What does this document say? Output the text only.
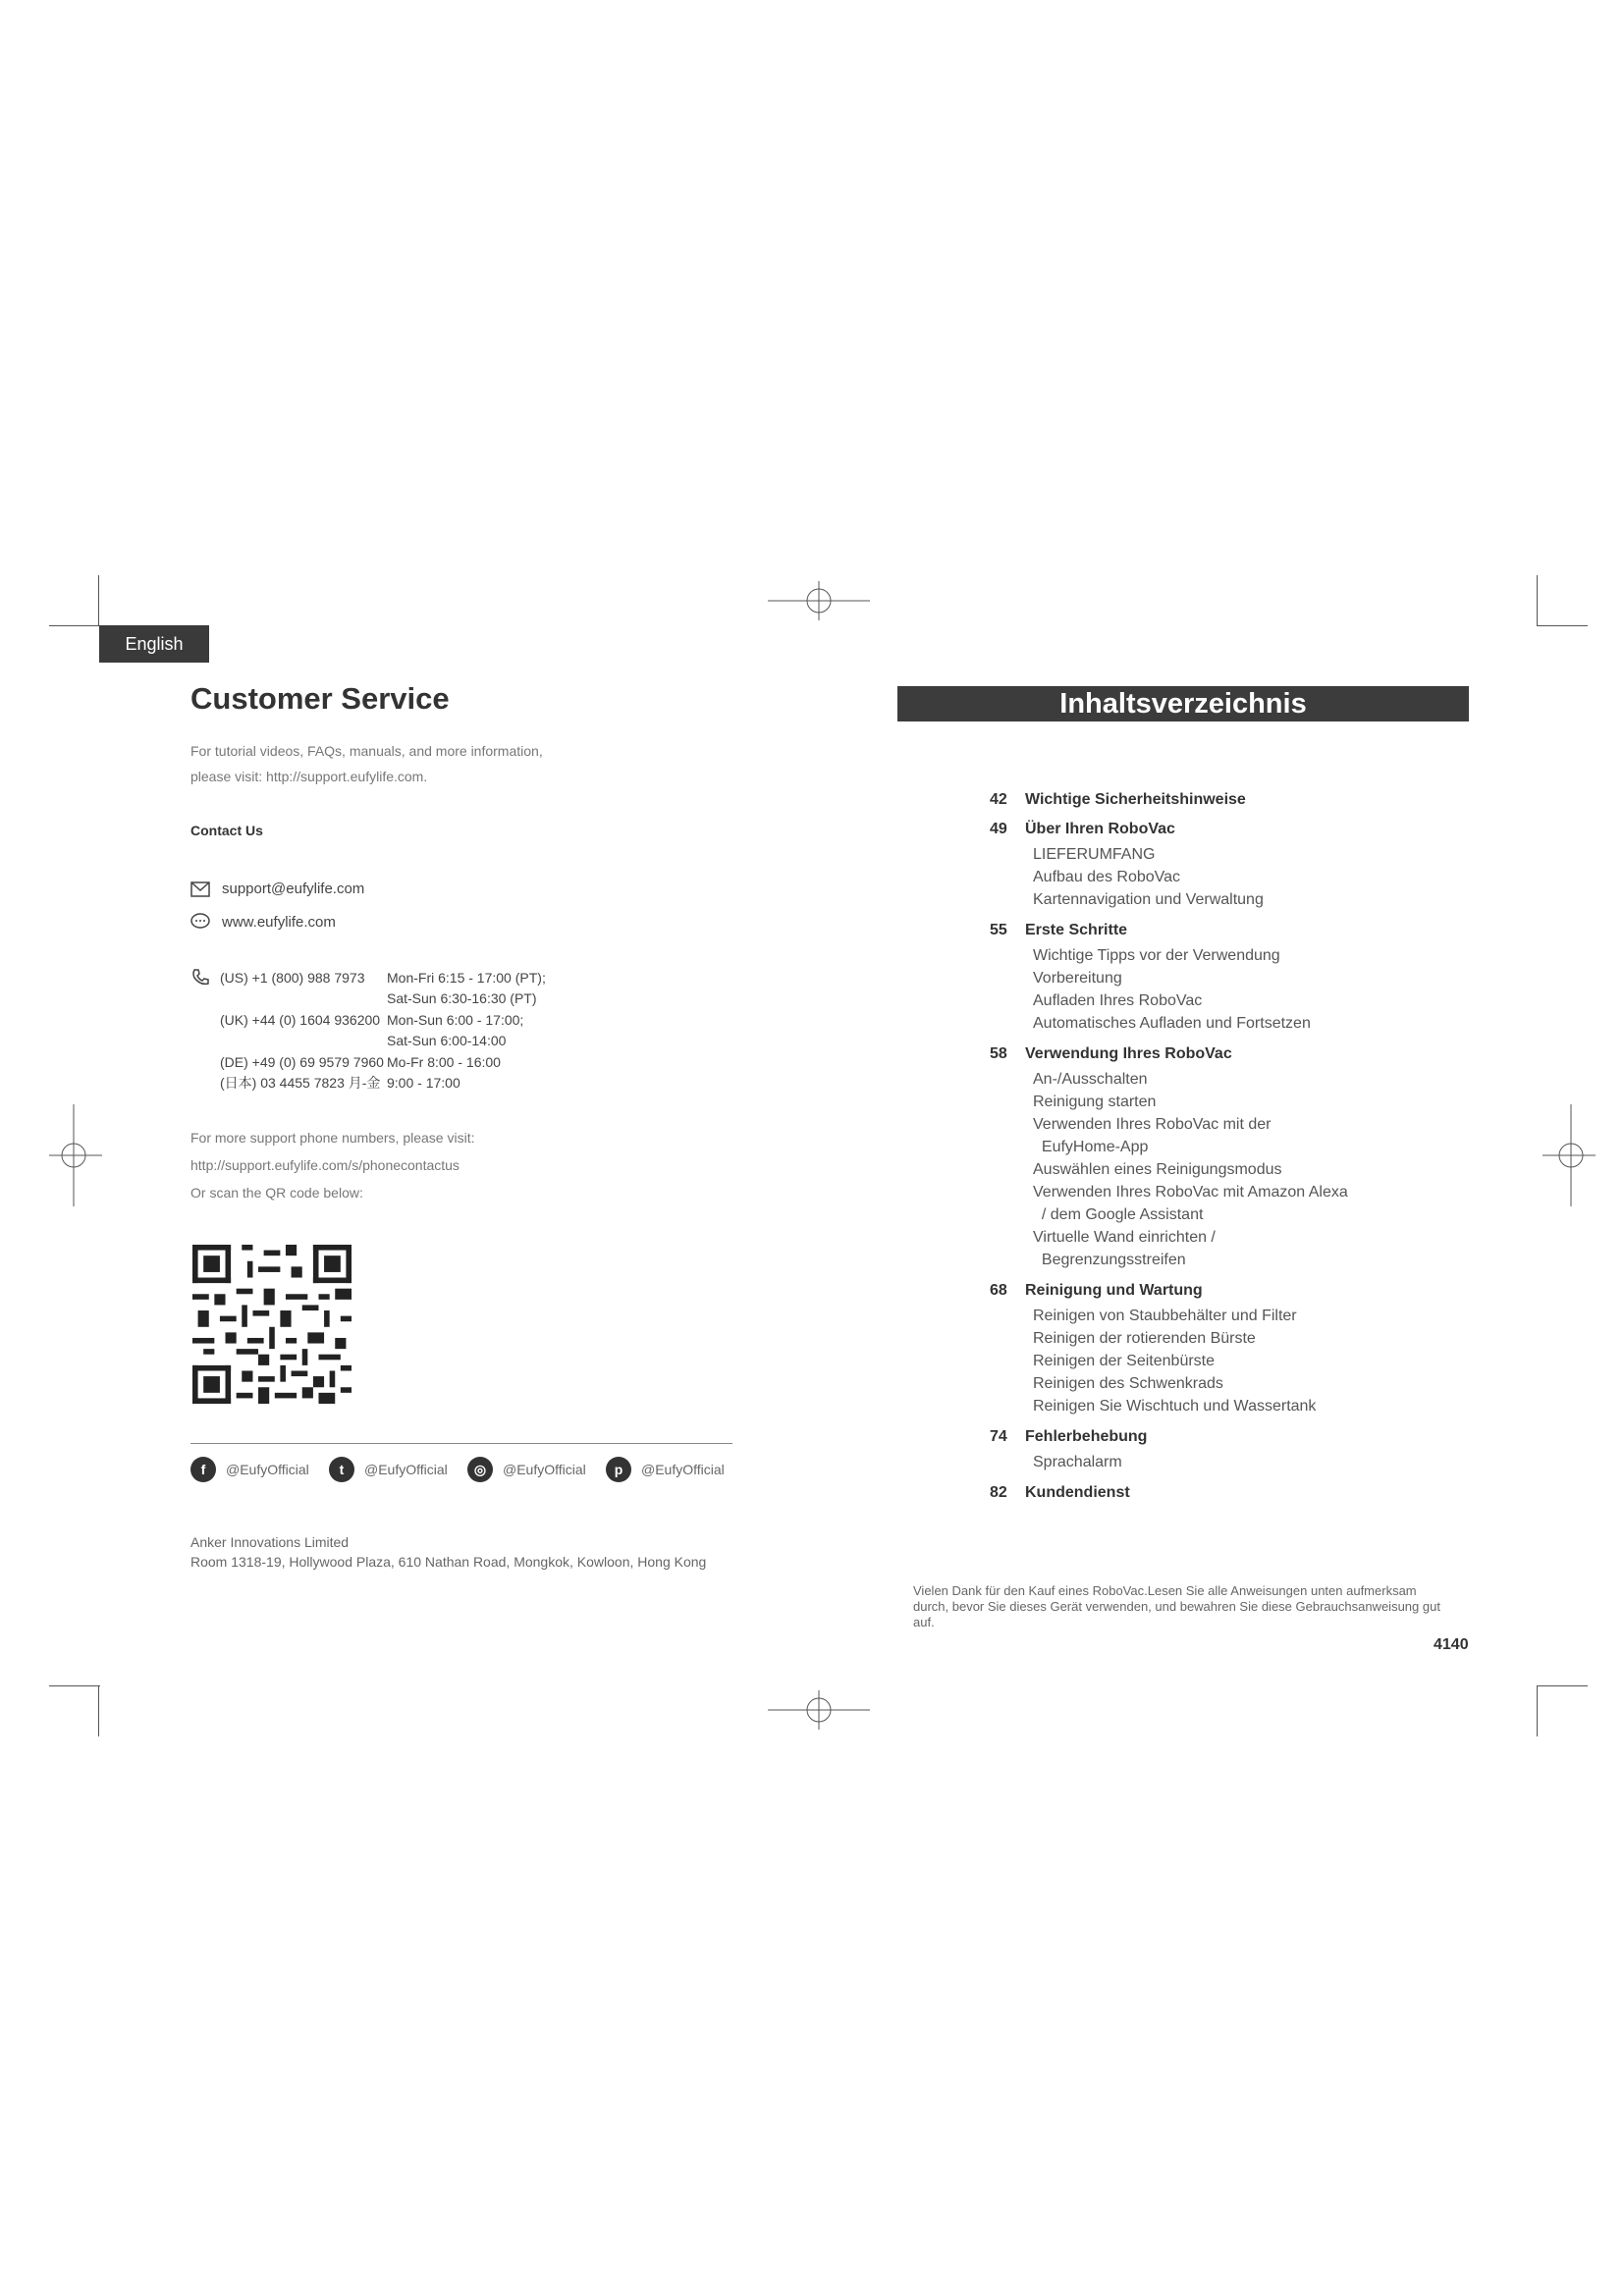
English
Customer Service
For tutorial videos, FAQs, manuals, and more information,
please visit: http://support.eufylife.com.
Contact Us
support@eufylife.com
www.eufylife.com
(US) +1 (800) 988 7973 Mon-Fri 6:15 - 17:00 (PT);
Sat-Sun 6:30-16:30 (PT)
(UK) +44 (0) 1604 936200 Mon-Sun 6:00 - 17:00;
Sat-Sun 6:00-14:00
(DE) +49 (0) 69 9579 7960 Mo-Fr 8:00 - 16:00
(日本) 03 4455 7823 月-金 9:00 - 17:00
For more support phone numbers, please visit:
http://support.eufylife.com/s/phonecontactus
Or scan the QR code below:
f	@EufyOfficial	t	@EufyOfficial	◎	@EufyOfficial	p	@EufyOfficial
Anker Innovations Limited
Room 1318-19, Hollywood Plaza, 610 Nathan Road, Mongkok, Kowloon, Hong Kong
Inhaltsverzeichnis
42 Wichtige Sicherheitshinweise
49 Über Ihren RoboVac
LIEFERUMFANG
Aufbau des RoboVac
Kartennavigation und Verwaltung
55 Erste Schritte
Wichtige Tipps vor der Verwendung
Vorbereitung
Aufladen Ihres RoboVac
Automatisches Aufladen und Fortsetzen
58 Verwendung Ihres RoboVac
An-/Ausschalten
Reinigung starten
Verwenden Ihres RoboVac mit der
EufyHome-App
Auswählen eines Reinigungsmodus
Verwenden Ihres RoboVac mit Amazon Alexa
/ dem Google Assistant
Virtuelle Wand einrichten /
Begrenzungsstreifen
68 Reinigung und Wartung
Reinigen von Staubbehälter und Filter
Reinigen der rotierenden Bürste
Reinigen der Seitenbürste
Reinigen des Schwenkrads
Reinigen Sie Wischtuch und Wassertank
74 Fehlerbehebung
Sprachalarm
82 Kundendienst
Vielen Dank für den Kauf eines RoboVac.Lesen Sie alle Anweisungen unten aufmerksam durch, bevor Sie dieses Gerät verwenden, und bewahren Sie diese Gebrauchsanweisung gut auf.
4140
